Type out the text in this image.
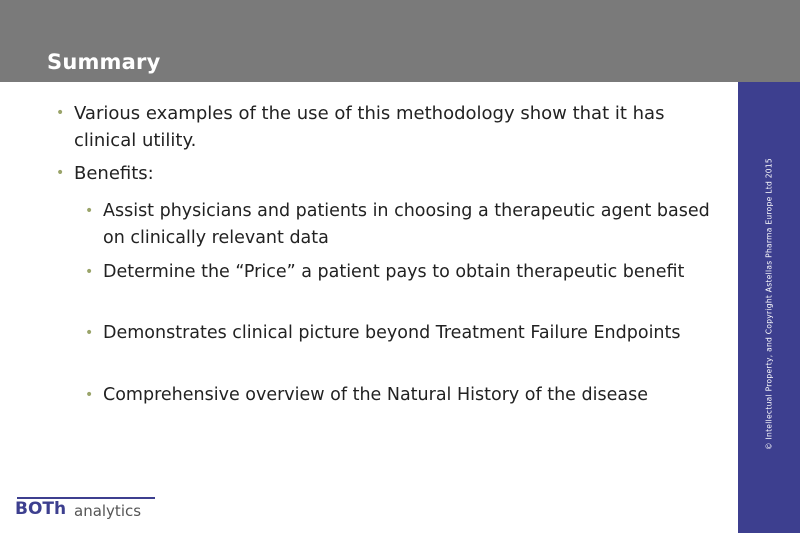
Summary
© Intellectual Property, and Copyright Astellas Pharma Europe Ltd 2015
• Various examples of the use of this methodology show that it has clinical utility.
• Benefits:
• Assist physicians and patients in choosing a therapeutic agent based on clinically relevant data
• Determine the “Price” a patient pays to obtain therapeutic benefit
• Demonstrates clinical picture beyond Treatment Failure Endpoints
• Comprehensive overview of the Natural History of the disease
BOTh analytics
